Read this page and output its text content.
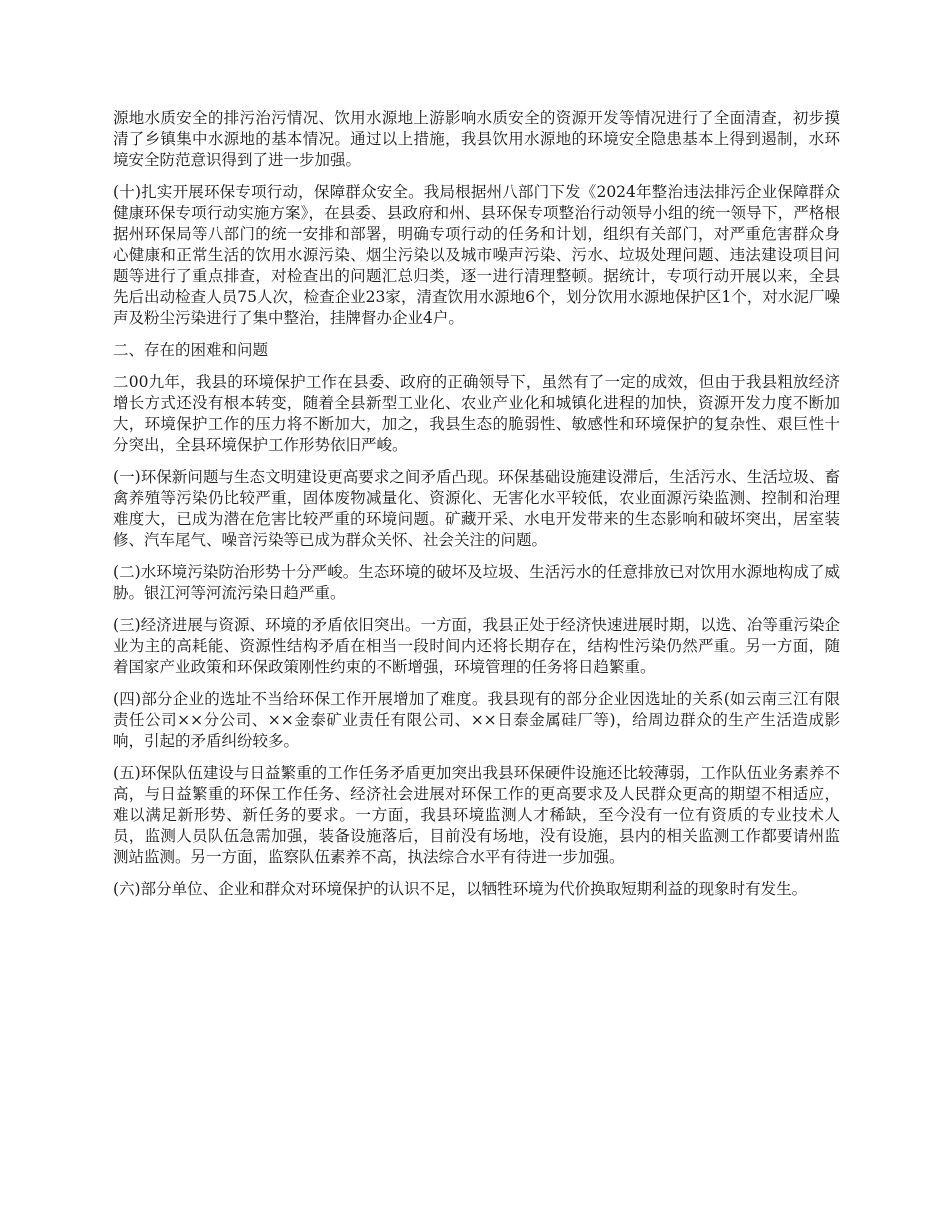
源地水质安全的排污治污情况、饮用水源地上游影响水质安全的资源开发等情况进行了全面清查，初步摸清了乡镇集中水源地的基本情况。通过以上措施，我县饮用水源地的环境安全隐患基本上得到遏制，水环境安全防范意识得到了进一步加强。

(十)扎实开展环保专项行动，保障群众安全。我局根据州八部门下发《2024年整治违法排污企业保障群众健康环保专项行动实施方案》，在县委、县政府和州、县环保专项整治行动领导小组的统一领导下，严格根据州环保局等八部门的统一安排和部署，明确专项行动的任务和计划，组织有关部门，对严重危害群众身心健康和正常生活的饮用水源污染、烟尘污染以及城市噪声污染、污水、垃圾处理问题、违法建设项目问题等进行了重点排查，对检查出的问题汇总归类，逐一进行清理整顿。据统计，专项行动开展以来，全县先后出动检查人员75人次，检查企业23家，清查饮用水源地6个，划分饮用水源地保护区1个，对水泥厂噪声及粉尘污染进行了集中整治，挂牌督办企业4户。

二、存在的困难和问题

二00九年，我县的环境保护工作在县委、政府的正确领导下，虽然有了一定的成效，但由于我县粗放经济增长方式还没有根本转变，随着全县新型工业化、农业产业化和城镇化进程的加快，资源开发力度不断加大，环境保护工作的压力将不断加大，加之，我县生态的脆弱性、敏感性和环境保护的复杂性、艰巨性十分突出，全县环境保护工作形势依旧严峻。

(一)环保新问题与生态文明建设更高要求之间矛盾凸现。环保基础设施建设滞后，生活污水、生活垃圾、畜禽养殖等污染仍比较严重，固体废物减量化、资源化、无害化水平较低，农业面源污染监测、控制和治理难度大，已成为潜在危害比较严重的环境问题。矿藏开采、水电开发带来的生态影响和破坏突出，居室装修、汽车尾气、噪音污染等已成为群众关怀、社会关注的问题。

(二)水环境污染防治形势十分严峻。生态环境的破坏及垃圾、生活污水的任意排放已对饮用水源地构成了威胁。银江河等河流污染日趋严重。

(三)经济进展与资源、环境的矛盾依旧突出。一方面，我县正处于经济快速进展时期，以选、冶等重污染企业为主的高耗能、资源性结构矛盾在相当一段时间内还将长期存在，结构性污染仍然严重。另一方面，随着国家产业政策和环保政策刚性约束的不断增强，环境管理的任务将日趋繁重。

(四)部分企业的选址不当给环保工作开展增加了难度。我县现有的部分企业因选址的关系(如云南三江有限责任公司××分公司、××金泰矿业责任有限公司、××日泰金属硅厂等)，给周边群众的生产生活造成影响，引起的矛盾纠纷较多。

(五)环保队伍建设与日益繁重的工作任务矛盾更加突出我县环保硬件设施还比较薄弱，工作队伍业务素养不高，与日益繁重的环保工作任务、经济社会进展对环保工作的更高要求及人民群众更高的期望不相适应，难以满足新形势、新任务的要求。一方面，我县环境监测人才稀缺，至今没有一位有资质的专业技术人员，监测人员队伍急需加强，装备设施落后，目前没有场地，没有设施，县内的相关监测工作都要请州监测站监测。另一方面，监察队伍素养不高，执法综合水平有待进一步加强。

(六)部分单位、企业和群众对环境保护的认识不足，以牺牲环境为代价换取短期利益的现象时有发生。
